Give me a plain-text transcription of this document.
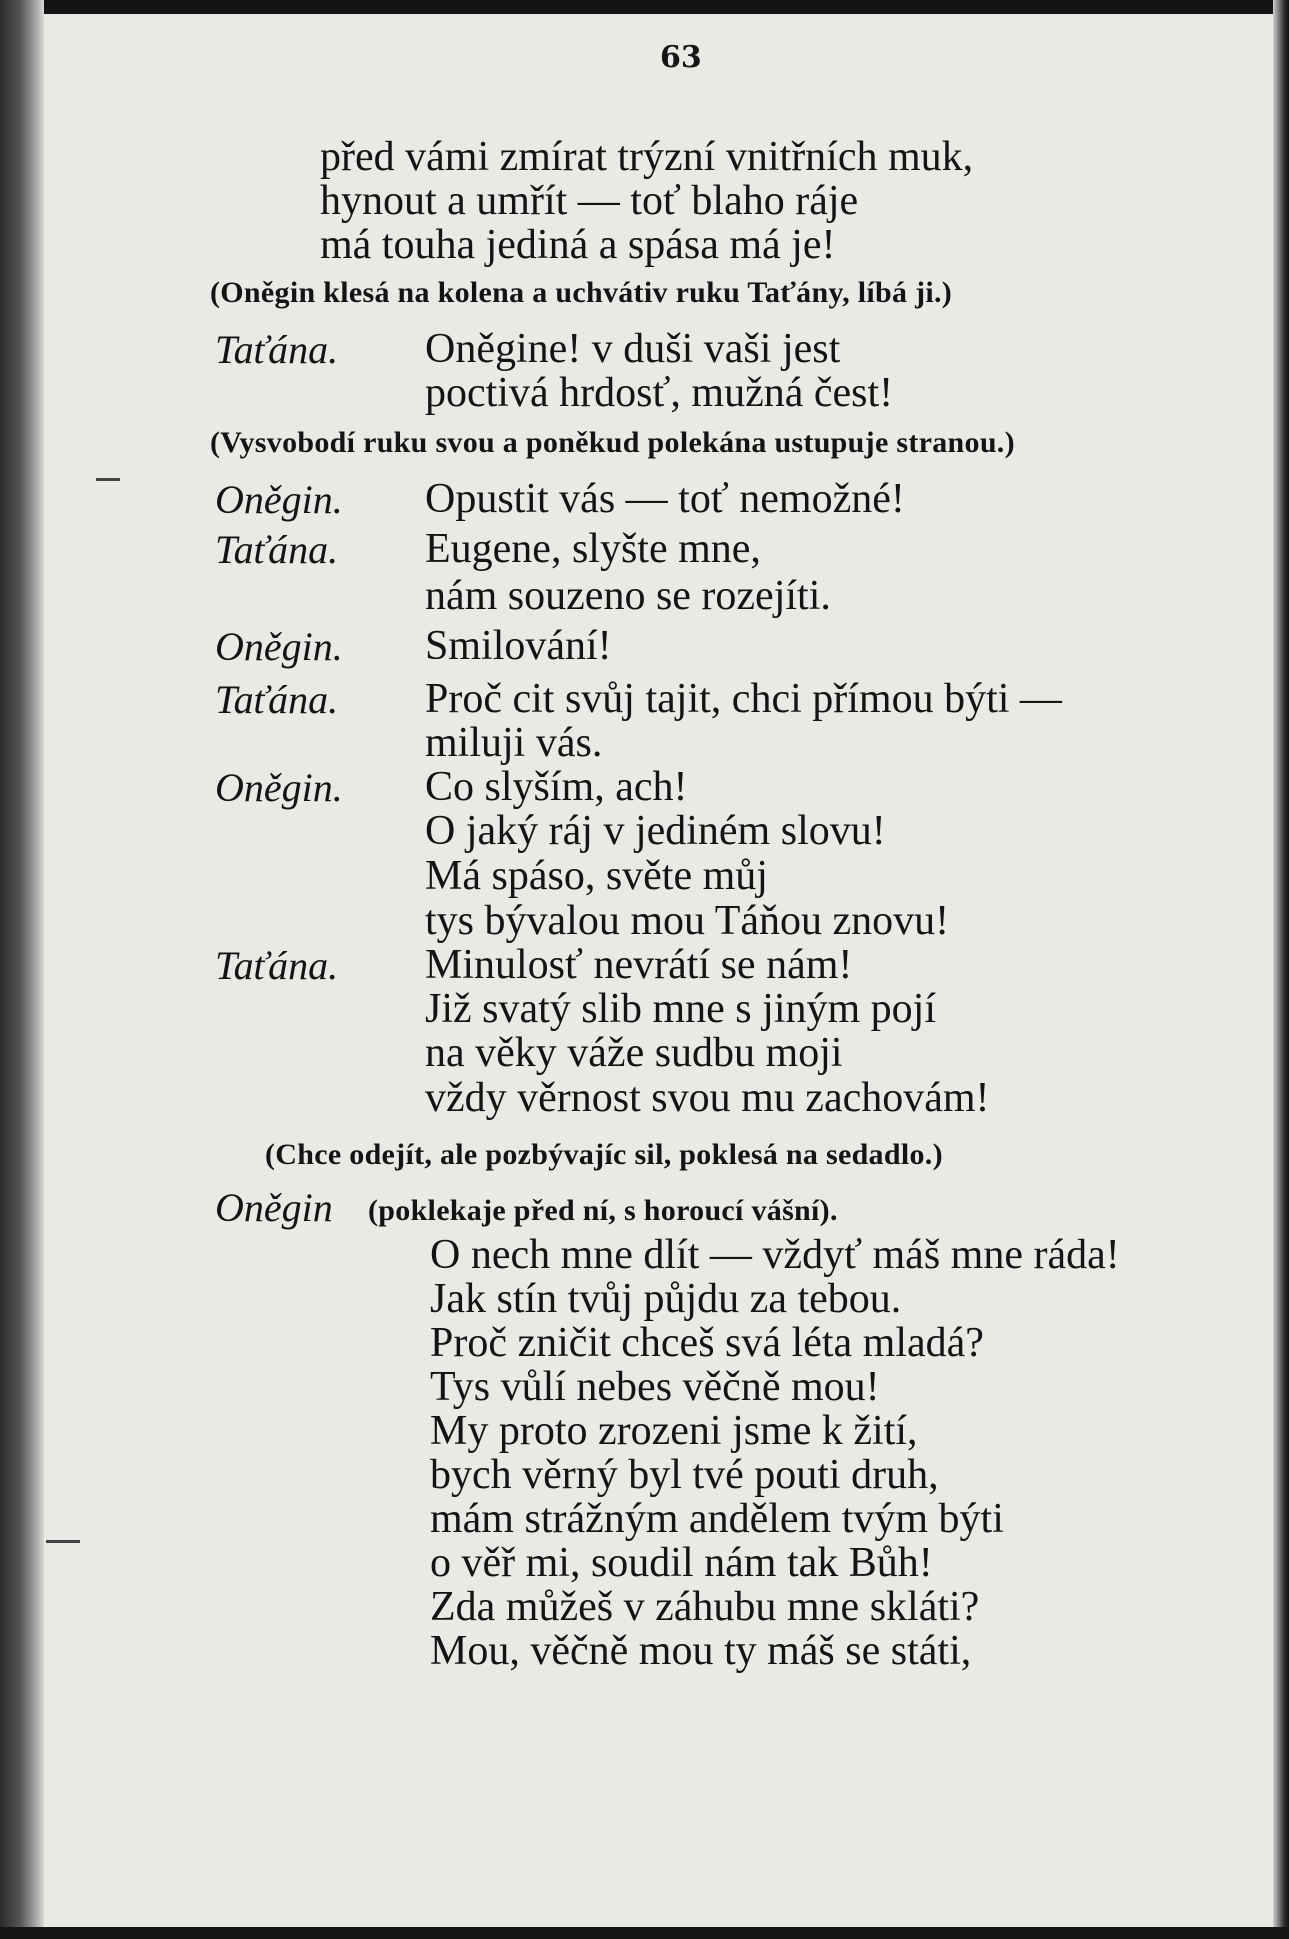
63
před vámi zmírat trýzní vnitřních muk,
hynout a umřít — toť blaho ráje
má touha jediná a spása má je!
(Oněgin klesá na kolena a uchvátiv ruku Taťány, líbá ji.)
Taťána. Oněgine! v duši vaši jest
poctivá hrdosť, mužná čest!
(Vysvobodí ruku svou a poněkud polekána ustupuje stranou.)
Oněgin. Opustit vás — toť nemožné!
Taťána. Eugene, slyšte mne,
nám souzeno se rozejíti.
Oněgin. Smilování!
Taťána. Proč cit svůj tajit, chci přímou býti —
miluji vás.
Oněgin. Co slyším, ach!
O jaký ráj v jediném slovu!
Má spáso, světe můj
tys bývalou mou Táňou znovu!
Taťána. Minulosť nevrátí se nám!
Již svatý slib mne s jiným pojí
na věky váže sudbu moji
vždy věrnost svou mu zachovám!
(Chce odejít, ale pozbývajíc sil, poklesá na sedadlo.)
Oněgin (poklekaje před ní, s horoucí vášní).
O nech mne dlít — vždyť máš mne ráda!
Jak stín tvůj půjdu za tebou.
Proč zničit chceš svá léta mladá?
Tys vůlí nebes věčně mou!
My proto zrozeni jsme k žití,
bych věrný byl tvé pouti druh,
mám strážným andělem tvým býti
o věř mi, soudil nám tak Bůh!
Zda můžeš v záhubu mne skláti?
Mou, věčně mou ty máš se státi,
